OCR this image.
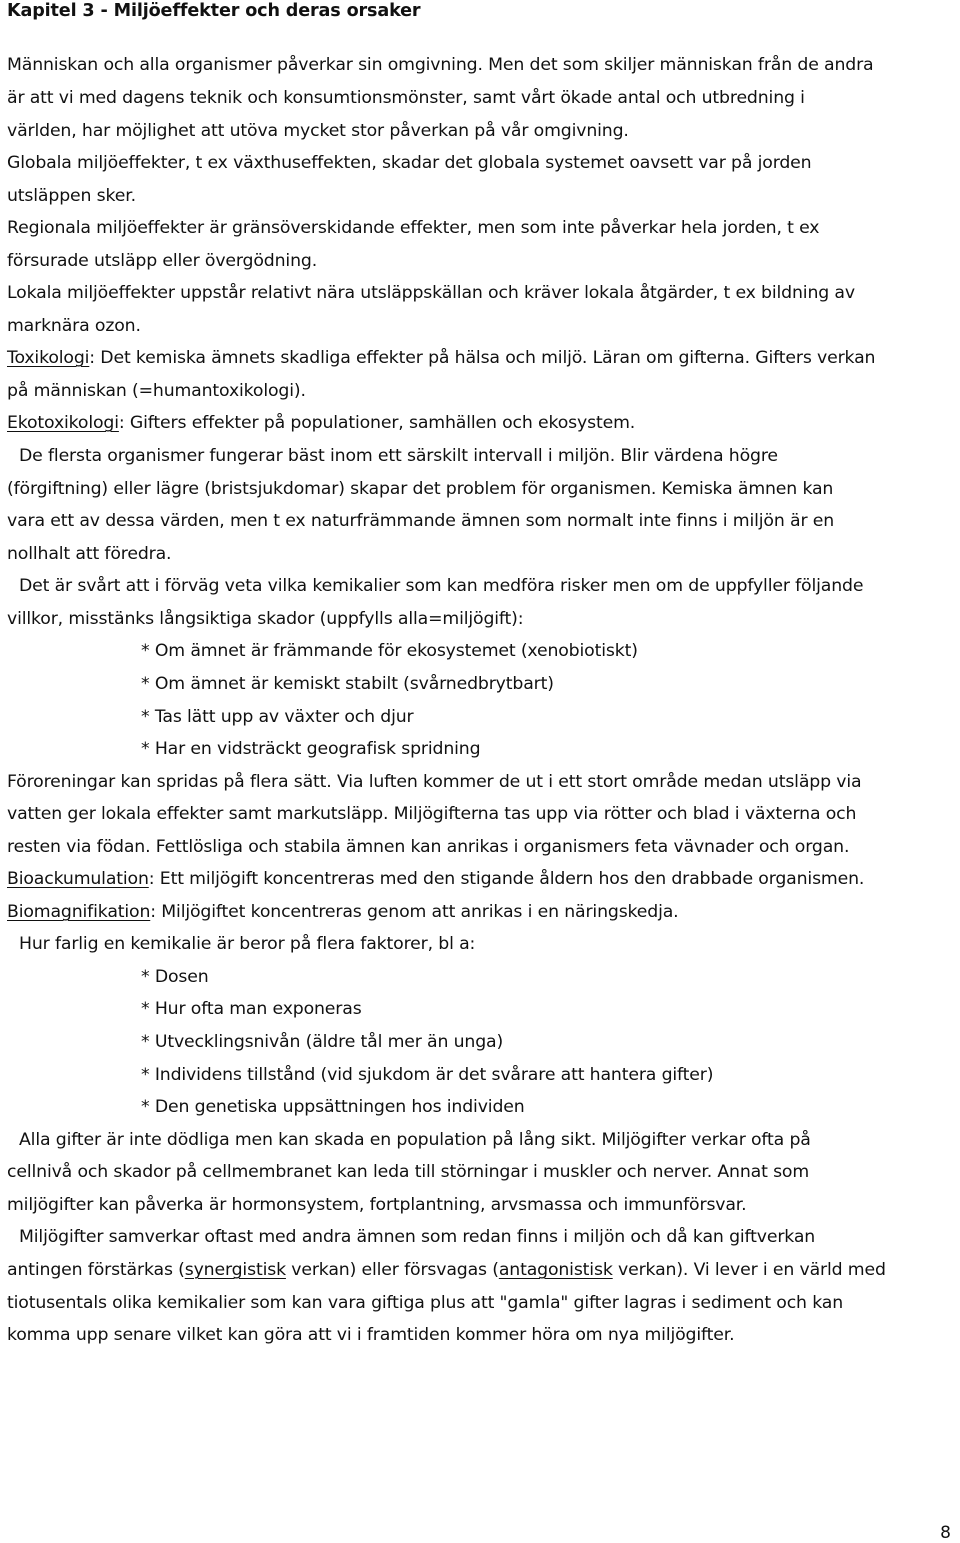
Kapitel 3 - Miljöeffekter och deras orsaker
Människan och alla organismer påverkar sin omgivning. Men det som skiljer människan från de andra
är att vi med dagens teknik och konsumtionsmönster, samt vårt ökade antal och utbredning i
världen, har möjlighet att utöva mycket stor påverkan på vår omgivning.
Globala miljöeffekter, t ex växthuseffekten, skadar det globala systemet oavsett var på jorden
utsläppen sker.
Regionala miljöeffekter är gränsöverskidande effekter, men som inte påverkar hela jorden, t ex
försurade utsläpp eller övergödning.
Lokala miljöeffekter uppstår relativt nära utsläppskällan och kräver lokala åtgärder, t ex bildning av
marknära ozon.
Toxikologi: Det kemiska ämnets skadliga effekter på hälsa och miljö. Läran om gifterna. Gifters verkan
på människan (=humantoxikologi).
Ekotoxikologi: Gifters effekter på populationer, samhällen och ekosystem.
De flersta organismer fungerar bäst inom ett särskilt intervall i miljön. Blir värdena högre
(förgiftning) eller lägre (bristsjukdomar) skapar det problem för organismen. Kemiska ämnen kan
vara ett av dessa värden, men t ex naturfrämmande ämnen som normalt inte finns i miljön är en
nollhalt att föredra.
Det är svårt att i förväg veta vilka kemikalier som kan medföra risker men om de uppfyller följande
villkor, misstänks långsiktiga skador (uppfylls alla=miljögift):
* Om ämnet är främmande för ekosystemet (xenobiotiskt)
* Om ämnet är kemiskt stabilt (svårnedbrytbart)
* Tas lätt upp av växter och djur
* Har en vidsträckt geografisk spridning
Föroreningar kan spridas på flera sätt. Via luften kommer de ut i ett stort område medan utsläpp via
vatten ger lokala effekter samt markutsläpp. Miljögifterna tas upp via rötter och blad i växterna och
resten via födan. Fettlösliga och stabila ämnen kan anrikas i organismers feta vävnader och organ.
Bioackumulation: Ett miljögift koncentreras med den stigande åldern hos den drabbade organismen.
Biomagnifikation: Miljögiftet koncentreras genom att anrikas i en näringskedja.
Hur farlig en kemikalie är beror på flera faktorer, bl a:
* Dosen
* Hur ofta man exponeras
* Utvecklingsnivån (äldre tål mer än unga)
* Individens tillstånd (vid sjukdom är det svårare att hantera gifter)
* Den genetiska uppsättningen hos individen
Alla gifter är inte dödliga men kan skada en population på lång sikt. Miljögifter verkar ofta på
cellnivå och skador på cellmembranet kan leda till störningar i muskler och nerver. Annat som
miljögifter kan påverka är hormonsystem, fortplantning, arvsmassa och immunförsvar.
Miljögifter samverkar oftast med andra ämnen som redan finns i miljön och då kan giftverkan
antingen förstärkas (synergistisk verkan) eller försvagas (antagonistisk verkan). Vi lever i en värld med
tiotusentals olika kemikalier som kan vara giftiga plus att "gamla" gifter lagras i sediment och kan
komma upp senare vilket kan göra att vi i framtiden kommer höra om nya miljögifter.
8
